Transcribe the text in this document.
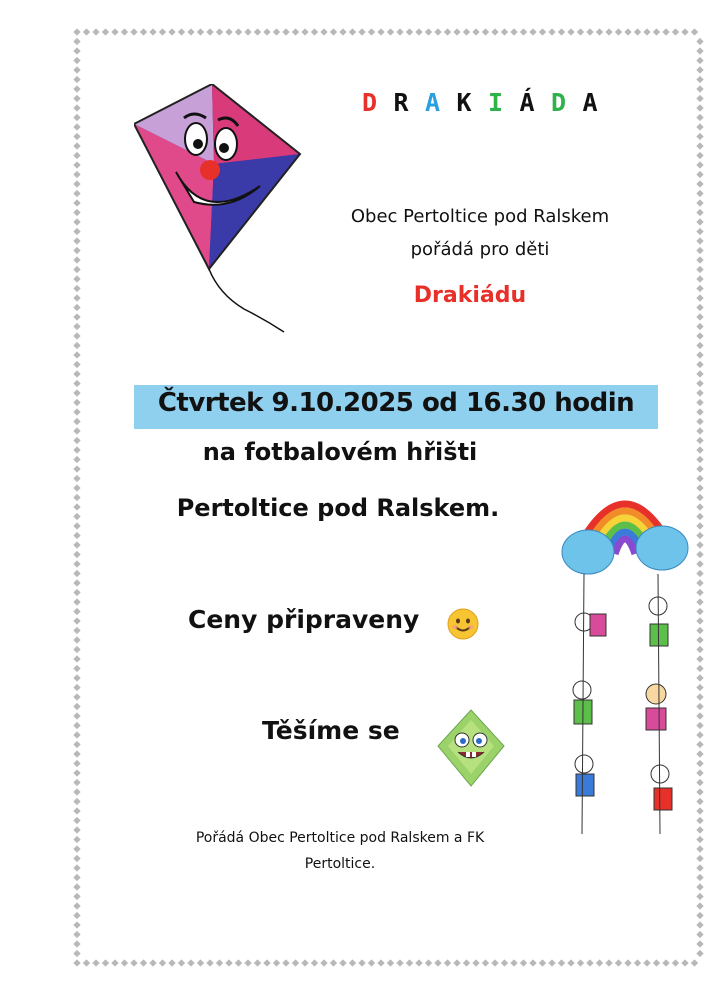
D R A K I Á D A
Obec Pertoltice pod Ralskem
pořádá pro děti
Drakiádu
Čtvrtek 9.10.2025 od 16.30 hodin
na fotbalovém hřišti
Pertoltice pod Ralskem.
Ceny připraveny
Těšíme se
Pořádá Obec Pertoltice pod Ralskem a FK
Pertoltice.
